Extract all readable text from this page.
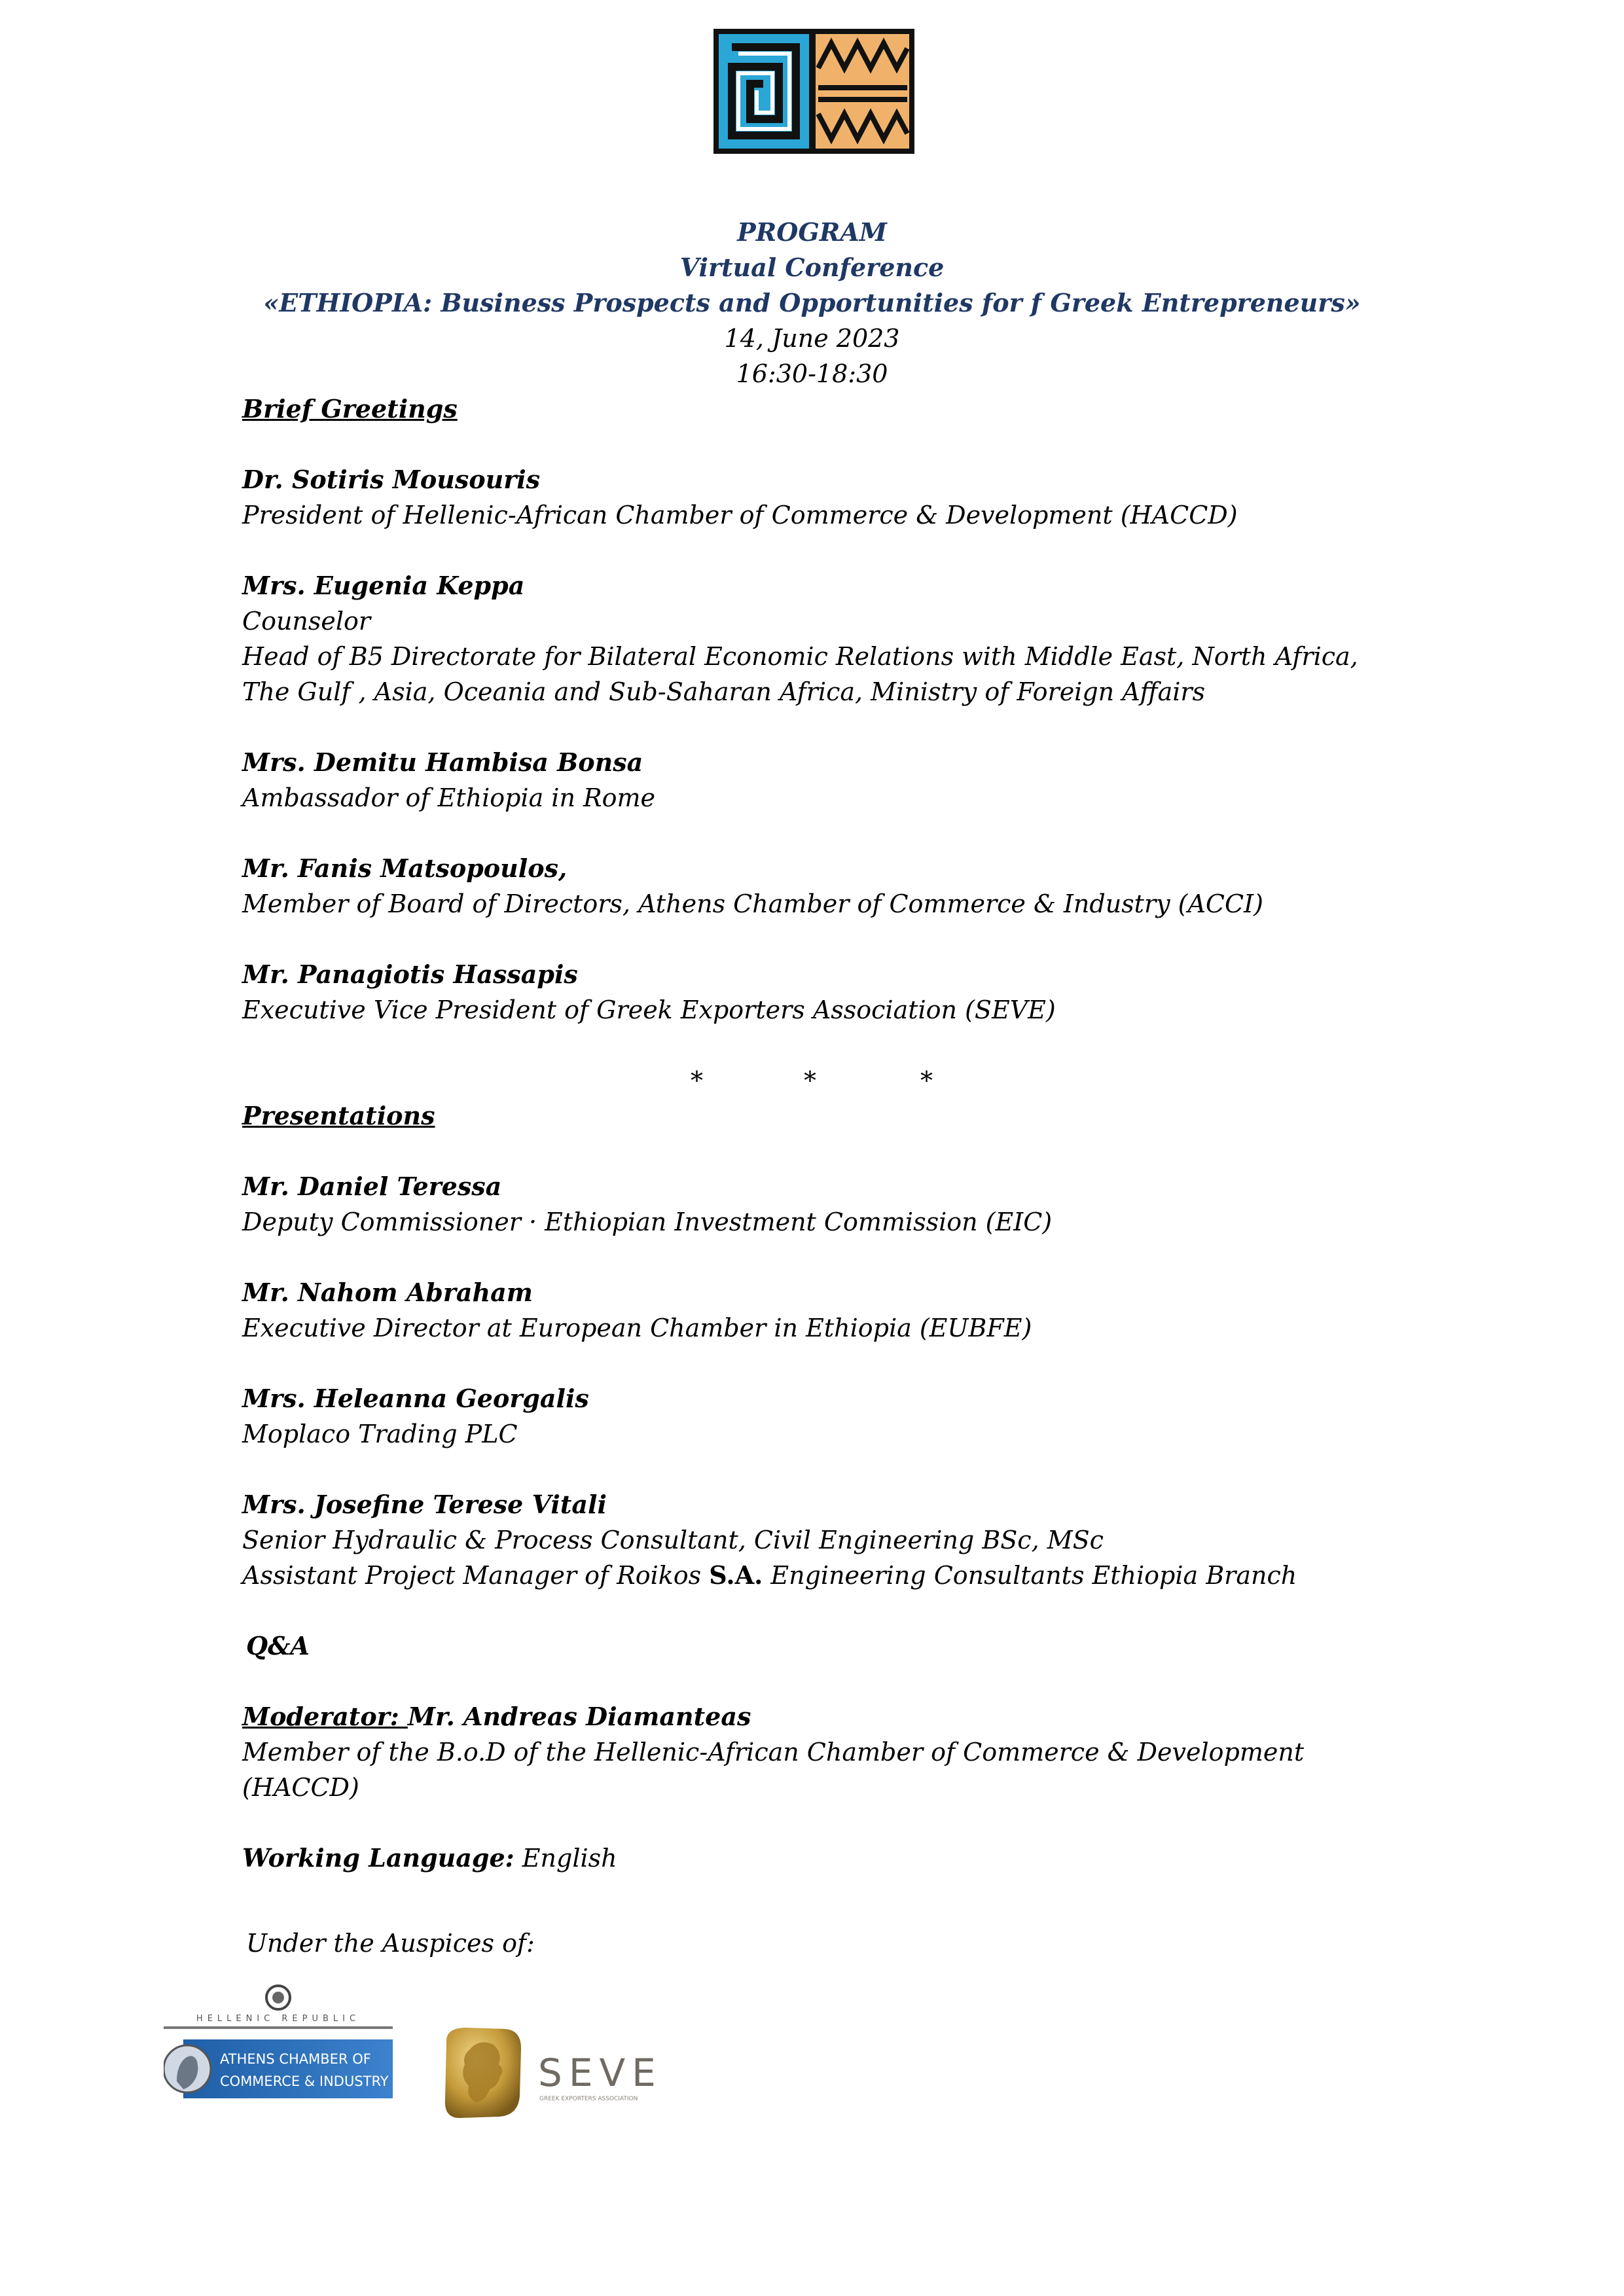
PROGRAM
Virtual Conference
«ETHIOPIA: Business Prospects and Opportunities for f Greek Entrepreneurs»
14, June 2023
16:30-18:30
Brief Greetings
Dr. Sotiris Mousouris
President of Hellenic-African Chamber of Commerce & Development (HACCD)
Mrs. Eugenia Keppa
Counselor
Head of B5 Directorate for Bilateral Economic Relations with Middle East, North Africa,
The Gulf , Asia, Oceania and Sub-Saharan Africa, Ministry of Foreign Affairs
Mrs. Demitu Hambisa Bonsa
Ambassador of Ethiopia in Rome
Mr. Fanis Matsopoulos,
Member of Board of Directors, Athens Chamber of Commerce & Industry (ACCI)
Mr. Panagiotis Hassapis
Executive Vice President of Greek Exporters Association (SEVE)
*	*	*
Presentations
Mr. Daniel Teressa
Deputy Commissioner · Ethiopian Investment Commission (EIC)
Mr. Nahom Abraham
Executive Director at European Chamber in Ethiopia (EUBFE)
Mrs. Heleanna Georgalis
Moplaco Trading PLC
Mrs. Josefine Terese Vitali
Senior Hydraulic & Process Consultant, Civil Engineering BSc, MSc
Assistant Project Manager of Roikos S.A. Engineering Consultants Ethiopia Branch
Q&A
Moderator: Mr. Andreas Diamanteas
Member of the B.o.D of the Hellenic-African Chamber of Commerce & Development
(HACCD)
Working Language: English
Under the Auspices of:
HELLENIC REPUBLIC
ATHENS CHAMBER OF
COMMERCE & INDUSTRY	SEVE
GREEK EXPORTERS ASSOCIATION
